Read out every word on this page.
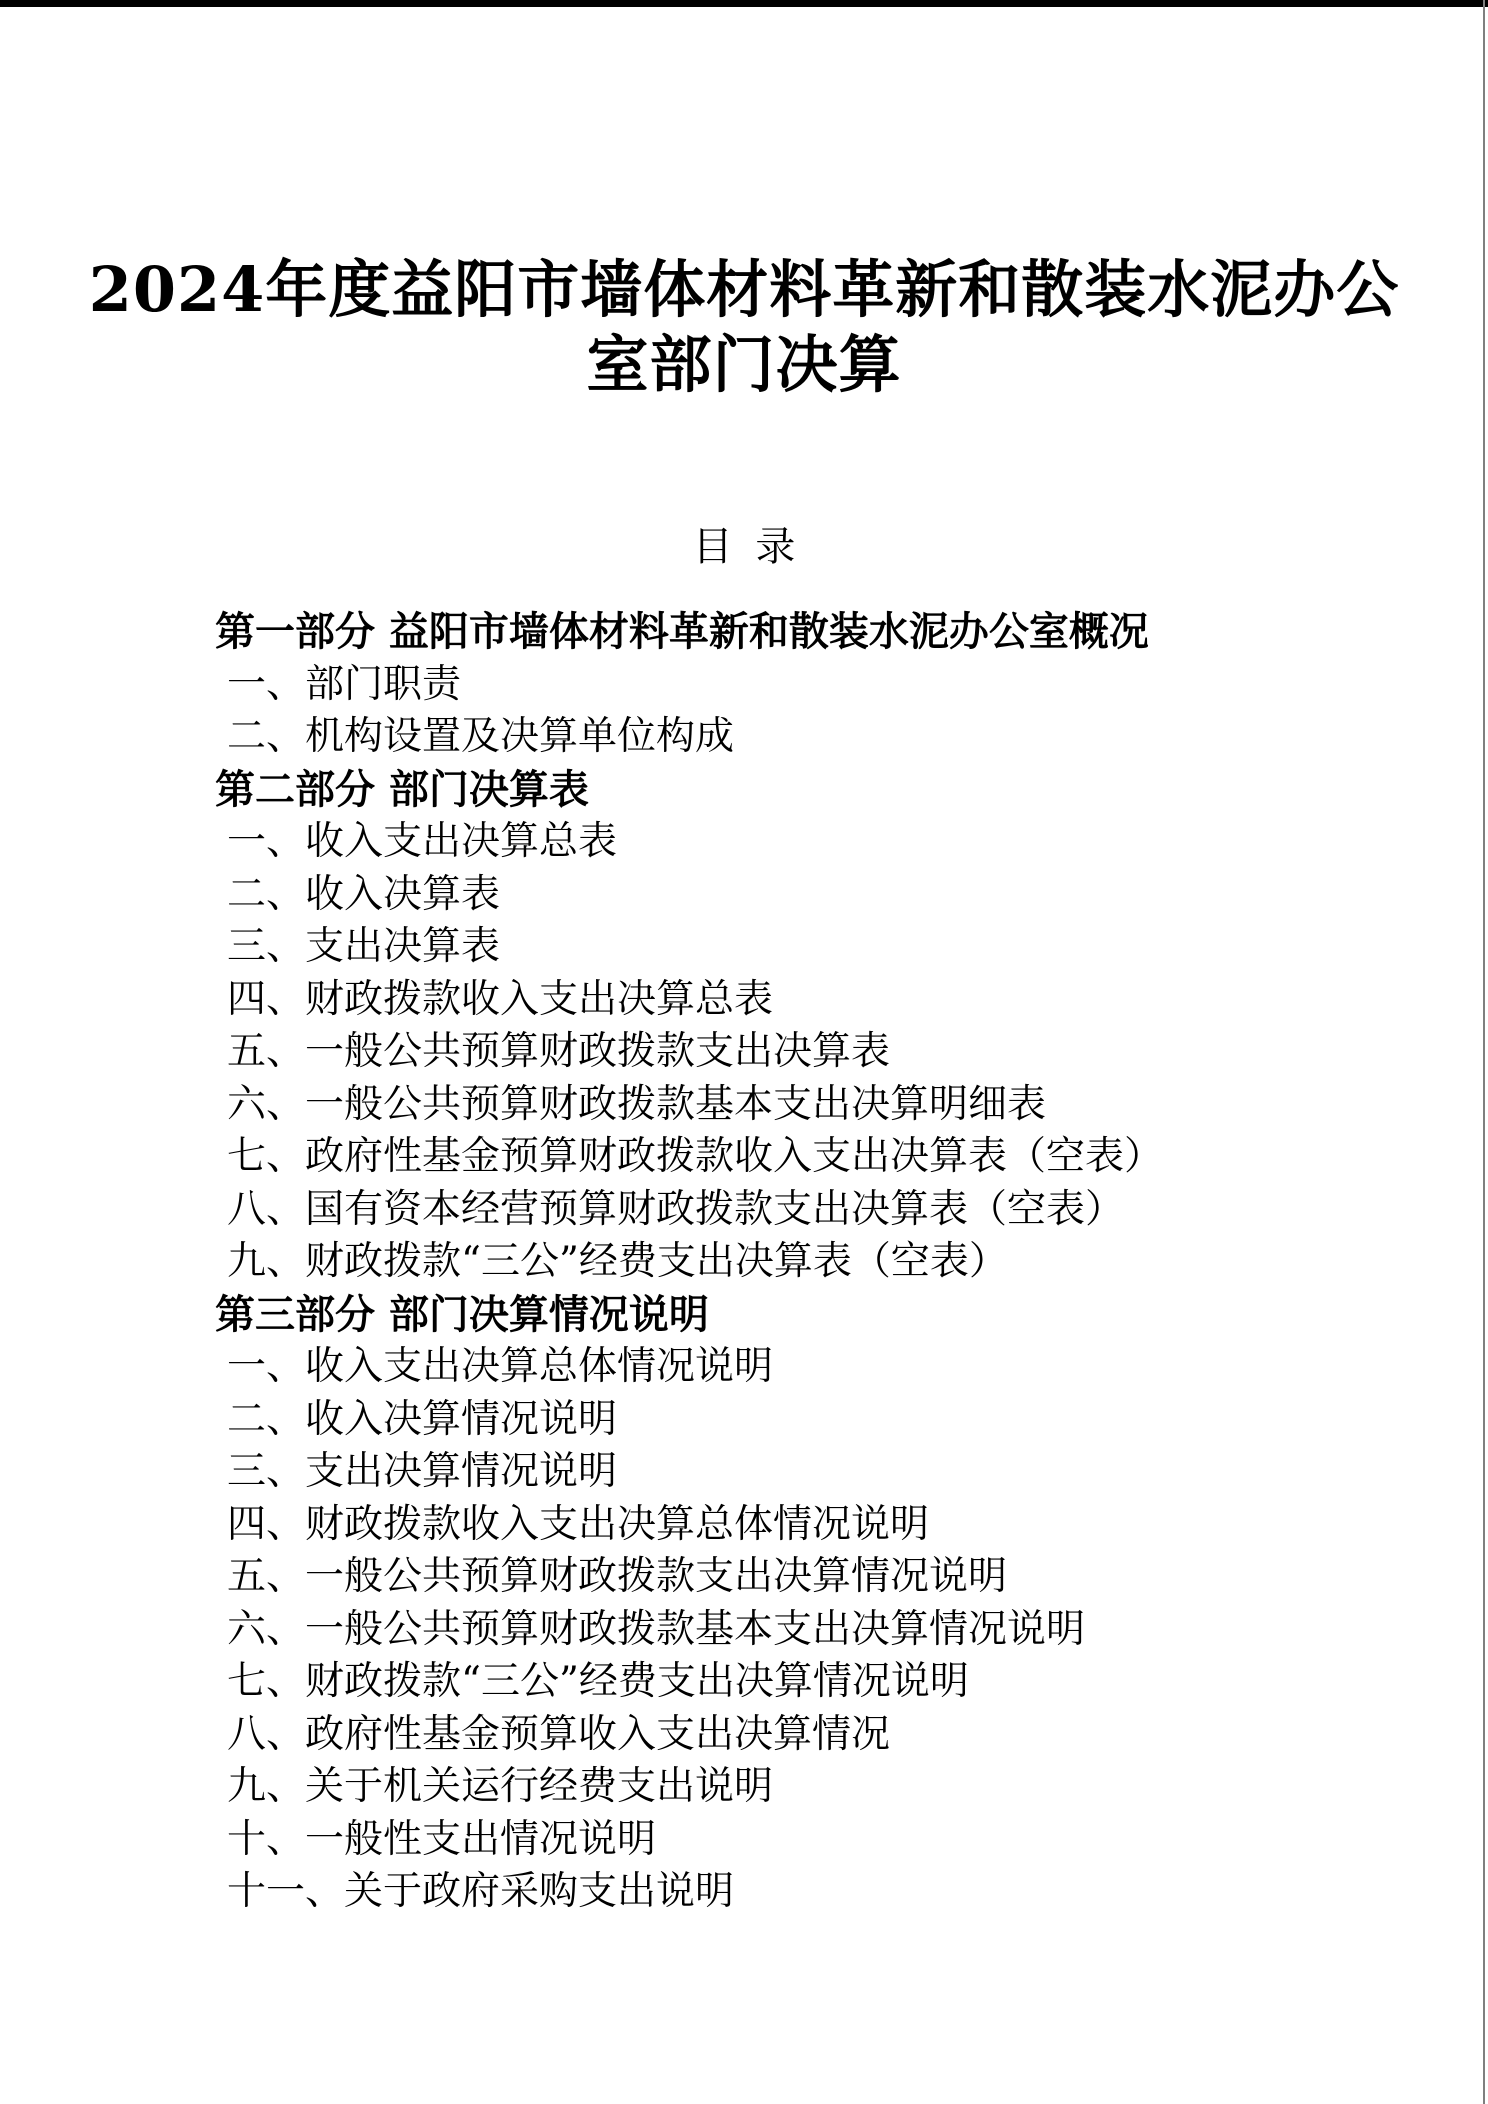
2024年度益阳市墙体材料革新和散装水泥办公
室部门决算
目 录
第一部分 益阳市墙体材料革新和散装水泥办公室概况
一、部门职责
二、机构设置及决算单位构成
第二部分 部门决算表
一、收入支出决算总表
二、收入决算表
三、支出决算表
四、财政拨款收入支出决算总表
五、一般公共预算财政拨款支出决算表
六、一般公共预算财政拨款基本支出决算明细表
七、政府性基金预算财政拨款收入支出决算表（空表）
八、国有资本经营预算财政拨款支出决算表（空表）
九、财政拨款“三公”经费支出决算表（空表）
第三部分 部门决算情况说明
一、收入支出决算总体情况说明
二、收入决算情况说明
三、支出决算情况说明
四、财政拨款收入支出决算总体情况说明
五、一般公共预算财政拨款支出决算情况说明
六、一般公共预算财政拨款基本支出决算情况说明
七、财政拨款“三公”经费支出决算情况说明
八、政府性基金预算收入支出决算情况
九、关于机关运行经费支出说明
十、一般性支出情况说明
十一、关于政府采购支出说明
